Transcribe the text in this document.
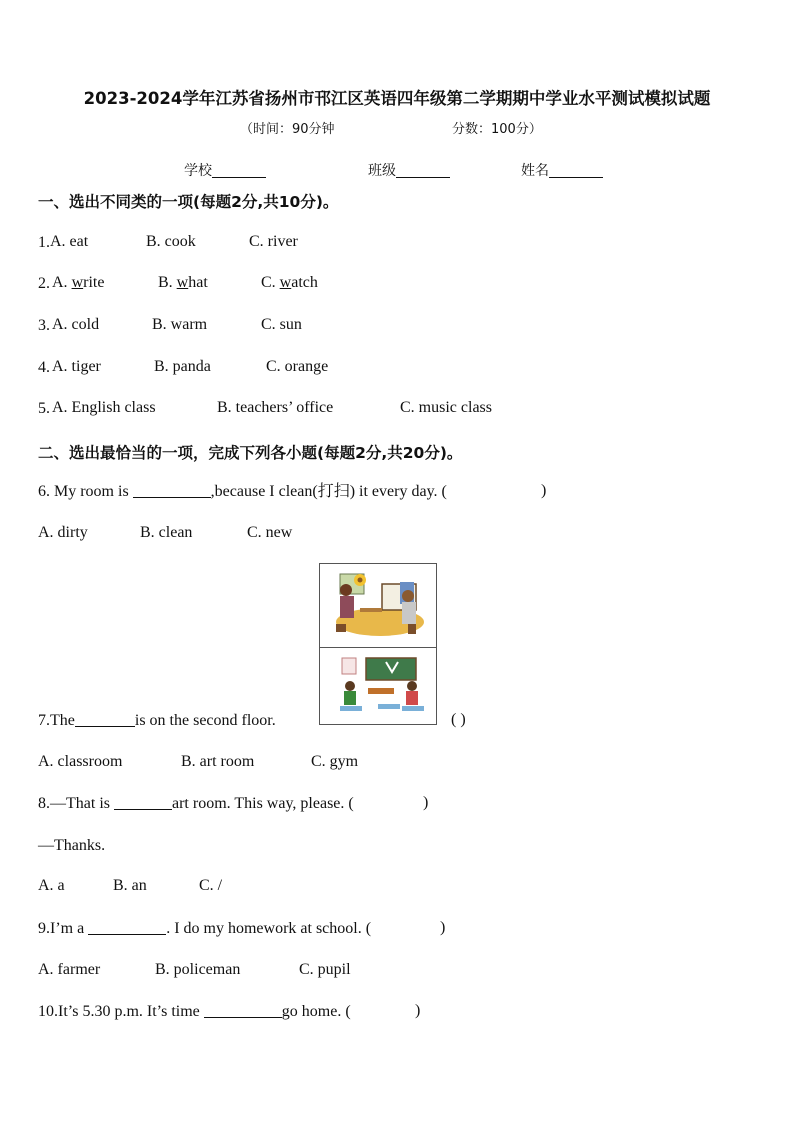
2023-2024学年江苏省扬州市邗江区英语四年级第二学期期中学业水平测试模拟试题
（时间：90分钟	分数：100分）
学校	班级	姓名
一、选出不同类的一项(每题2分,共10分)。
1. A. eat	B. cook	C. river
2. A. write	B. what	C. watch
3. A. cold	B. warm	C. sun
4. A. tiger	B. panda	C. orange
5. A. English class	B. teachers’ office	C. music class
二、选出最恰当的一项，完成下列各小题(每题2分,共20分)。
6. My room is	,because I clean(打扫) it every day. (	)
A. dirty	B. clean	C. new
7.The	is on the second floor.	( )
A. classroom	B. art room	C. gym
8.—That is	art room. This way, please. (	)
—Thanks.
A. a	B. an	C. /
9.I’m a	. I do my homework at school. (	)
A. farmer	B. policeman	C. pupil
10.It’s 5.30 p.m. It’s time	go home. (	)
